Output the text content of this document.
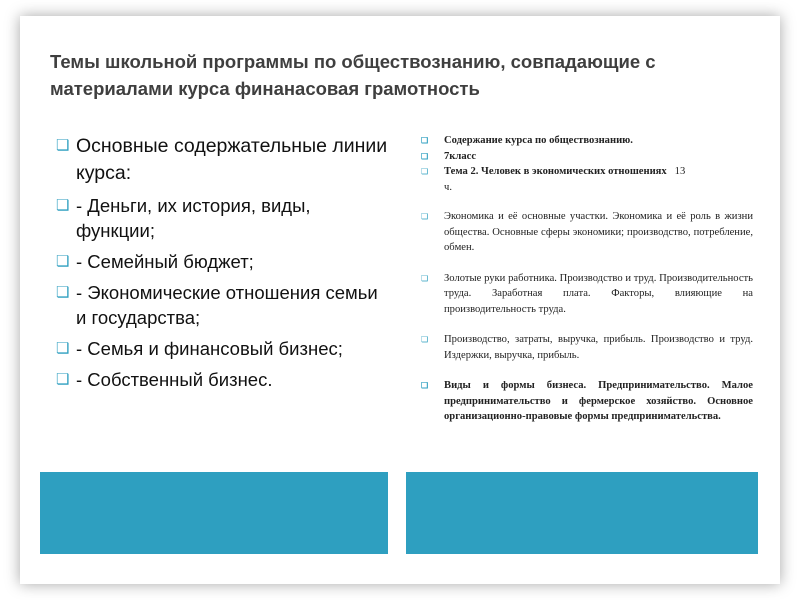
Темы школьной программы по обществознанию, совпадающие с материалами курса финанасовая грамотность
❏ Основные содержательные линии курса:
❏ - Деньги, их история, виды, функции;
❏ - Семейный бюджет;
❏ - Экономические отношения семьи и государства;
❏ - Семья и финансовый бизнес;
❏ - Собственный бизнес.
❏ Содержание курса по обществознанию.
❏ 7класс
❏ Тема 2. Человек в экономических отношениях 13
ч.
❏ Экономика и её основные участки. Экономика и её роль в жизни общества. Основные сферы экономики; производство, потребление, обмен.
❏ Золотые руки работника. Производство и труд. Производительность труда. Заработная плата. Факторы, влияющие на производительность труда.
❏ Производство, затраты, выручка, прибыль. Производство и труд. Издержки, выручка, прибыль.
❏ Виды и формы бизнеса. Предпринимательство. Малое предпринимательство и фермерское хозяйство. Основное организационно-правовые формы предпринимательства.
